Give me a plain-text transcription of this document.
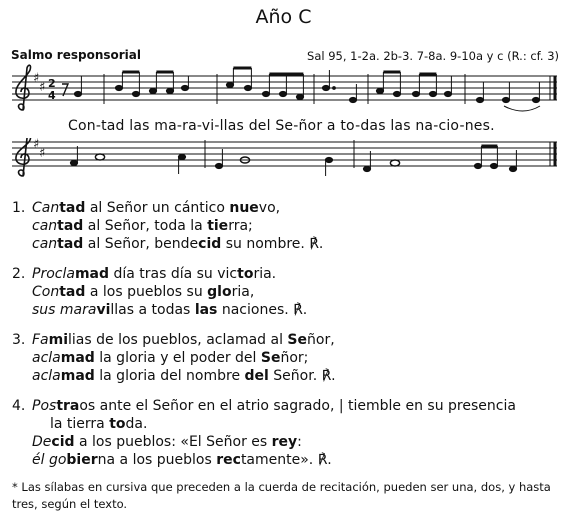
Año C
Salmo responsorial	Sal 95, 1-2a. 2b-3. 7-8a. 9-10a y c (R.: cf. 3)
♯
♯ 2
4
Con-tad las ma-ra-vi-llas del Se-ñor a to-das las na-cio-nes.
♯
♯
1. Cantad al Señor un cántico nuevo,
cantad al Señor, toda la tierra;
cantad al Señor, bendecid su nombre. ℟.
2. Proclamad día tras día su victoria.
Contad a los pueblos su gloria,
sus maravillas a todas las naciones. ℟.
3. Familias de los pueblos, aclamad al Señor,
aclamad la gloria y el poder del Señor;
aclamad la gloria del nombre del Señor. ℟.
4. Postraos ante el Señor en el atrio sagrado, | tiemble en su presencia
la tierra toda.
Decid a los pueblos: «El Señor es rey:
él gobierna a los pueblos rectamente». ℟.
* Las sílabas en cursiva que preceden a la cuerda de recitación, pueden ser una, dos, y hasta tres, según el texto.
